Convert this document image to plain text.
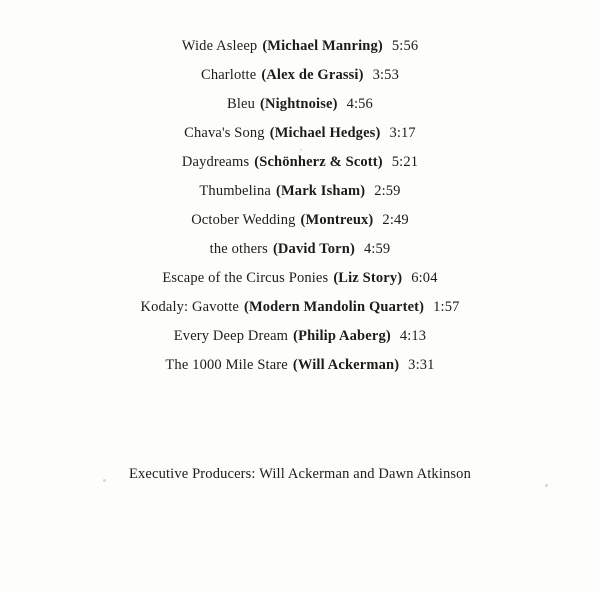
Wide Asleep (Michael Manring) 5:56
Charlotte (Alex de Grassi) 3:53
Bleu (Nightnoise) 4:56
Chava's Song (Michael Hedges) 3:17
Daydreams (Schönherz & Scott) 5:21
Thumbelina (Mark Isham) 2:59
October Wedding (Montreux) 2:49
the others (David Torn) 4:59
Escape of the Circus Ponies (Liz Story) 6:04
Kodaly: Gavotte (Modern Mandolin Quartet) 1:57
Every Deep Dream (Philip Aaberg) 4:13
The 1000 Mile Stare (Will Ackerman) 3:31
Executive Producers: Will Ackerman and Dawn Atkinson
